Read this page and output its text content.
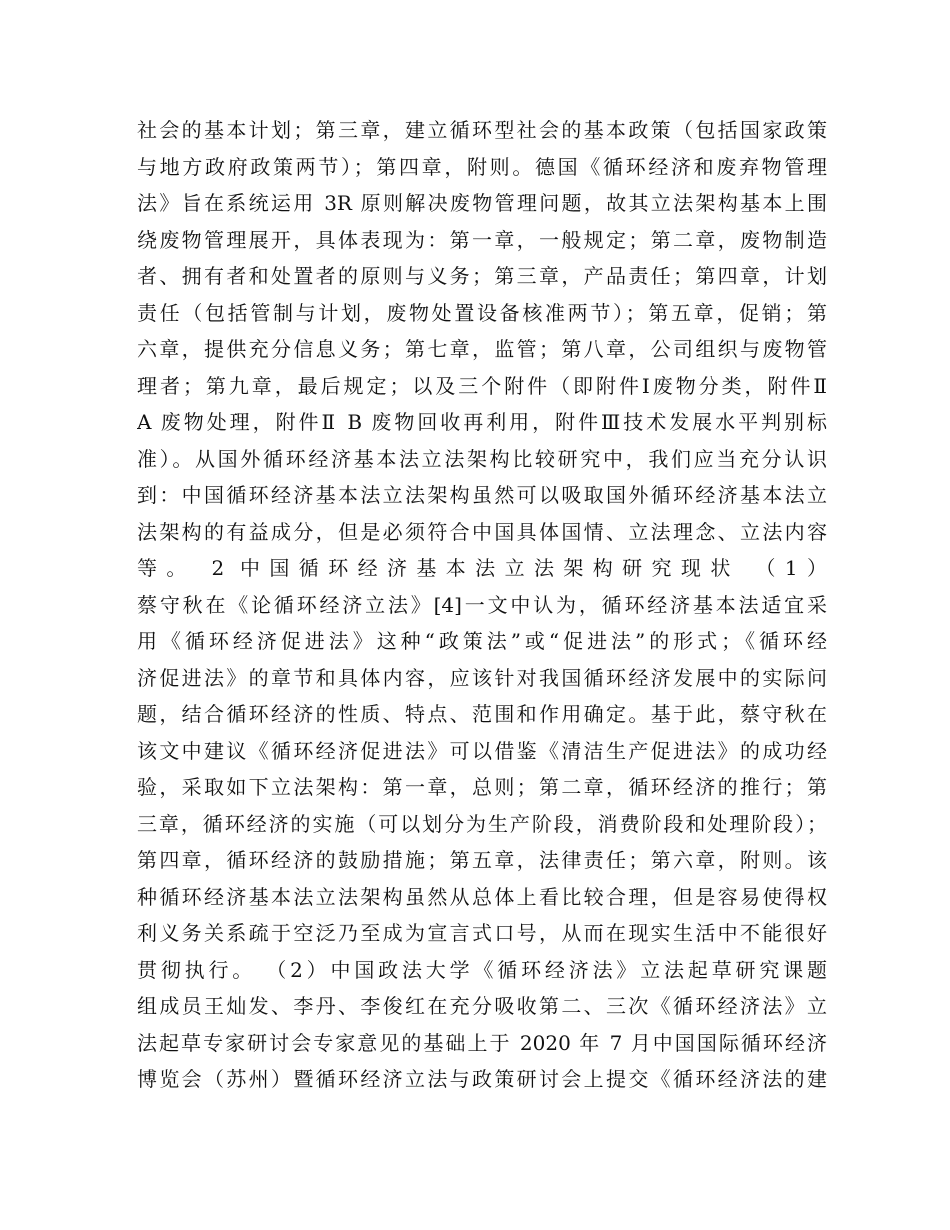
社会的基本计划；第三章，建立循环型社会的基本政策（包括国家政策
与地方政府政策两节）；第四章，附则。德国《循环经济和废弃物管理
法》旨在系统运用 3R 原则解决废物管理问题，故其立法架构基本上围
绕废物管理展开，具体表现为：第一章，一般规定；第二章，废物制造
者、拥有者和处置者的原则与义务；第三章，产品责任；第四章，计划
责任（包括管制与计划，废物处置设备核准两节）；第五章，促销；第
六章，提供充分信息义务；第七章，监管；第八章，公司组织与废物管
理者；第九章，最后规定；以及三个附件（即附件Ⅰ废物分类，附件Ⅱ
A 废物处理，附件Ⅱ B 废物回收再利用，附件Ⅲ技术发展水平判别标
准）。从国外循环经济基本法立法架构比较研究中，我们应当充分认识
到：中国循环经济基本法立法架构虽然可以吸取国外循环经济基本法立
法架构的有益成分，但是必须符合中国具体国情、立法理念、立法内容
等。 2 中国循环经济基本法立法架构研究现状 （1）
蔡守秋在《论循环经济立法》[4]一文中认为，循环经济基本法适宜采
用《循环经济促进法》这种“政策法”或“促进法”的形式；《循环经
济促进法》的章节和具体内容，应该针对我国循环经济发展中的实际问
题，结合循环经济的性质、特点、范围和作用确定。基于此，蔡守秋在
该文中建议《循环经济促进法》可以借鉴《清洁生产促进法》的成功经
验，采取如下立法架构：第一章，总则；第二章，循环经济的推行；第
三章，循环经济的实施（可以划分为生产阶段，消费阶段和处理阶段）；
第四章，循环经济的鼓励措施；第五章，法律责任；第六章，附则。该
种循环经济基本法立法架构虽然从总体上看比较合理，但是容易使得权
利义务关系疏于空泛乃至成为宣言式口号，从而在现实生活中不能很好
贯彻执行。 （2）中国政法大学《循环经济法》立法起草研究课题
组成员王灿发、李丹、李俊红在充分吸收第二、三次《循环经济法》立
法起草专家研讨会专家意见的基础上于 2020 年 7 月中国国际循环经济
博览会（苏州）暨循环经济立法与政策研讨会上提交《循环经济法的建
